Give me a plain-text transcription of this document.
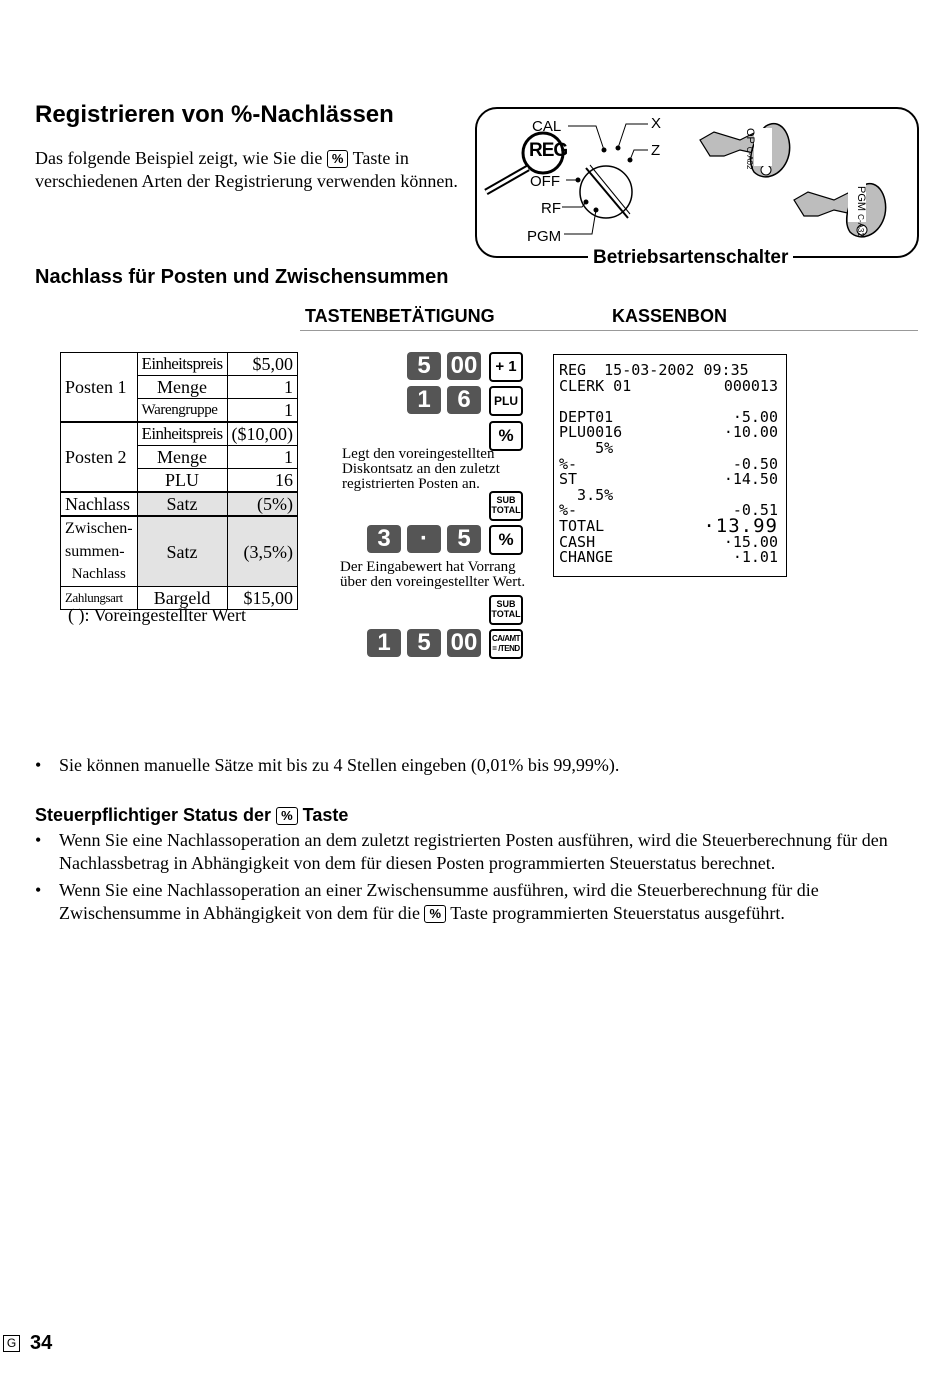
Registrieren von %-Nachlässen
Das folgende Beispiel zeigt, wie Sie die % Taste in verschiedenen Arten der Registrierung verwenden können.
CAL
REG
OFF
RF
PGM
X
Z
OP C-A02
PGM C-A32
Betriebsartenschalter
Nachlass für Posten und Zwischensummen
TASTENBETÄTIGUNG	KASSENBON
Posten 1	Einheitspreis	$5,00
	Menge	1
	Warengruppe	1
Posten 2	Einheitspreis	($10,00)
	Menge	1
	PLU	16
Nachlass	Satz	(5%)

Zwischen-
summen-
Nachlass	Satz	(3,5%)
Zahlungsart	Bargeld	$15,00
( ): Voreingestellter Wert
5 00	+ 1
1	6	PLU
%
Legt den voreingestellten Diskontsatz an den zuletzt registrierten Posten an.
SUB
TOTAL
3	·	5	%
Der Eingabewert hat Vorrang über den voreingestellter Wert.
SUB
TOTAL
1	5 00	CA/AMT
= /TEND
REG  15-03-2002 09:35
CLERK 01	000013
DEPT01	·5.00
PLU0016	·10.00
5%
%-	-0.50
ST	·14.50
3.5%
%-	-0.51
TOTAL	·13.99
CASH	·15.00
CHANGE	·1.01
• Sie können manuelle Sätze mit bis zu 4 Stellen eingeben (0,01% bis 99,99%).
Steuerpflichtiger Status der % Taste
• Wenn Sie eine Nachlassoperation an dem zuletzt registrierten Posten ausführen, wird die Steuerberechnung für den Nachlassbetrag in Abhängigkeit von dem für diesen Posten programmierten Steuerstatus berechnet.
• Wenn Sie eine Nachlassoperation an einer Zwischensumme ausführen, wird die Steuerberechnung für die Zwischensumme in Abhängigkeit von dem für die % Taste programmierten Steuerstatus ausgeführt.
G 34
